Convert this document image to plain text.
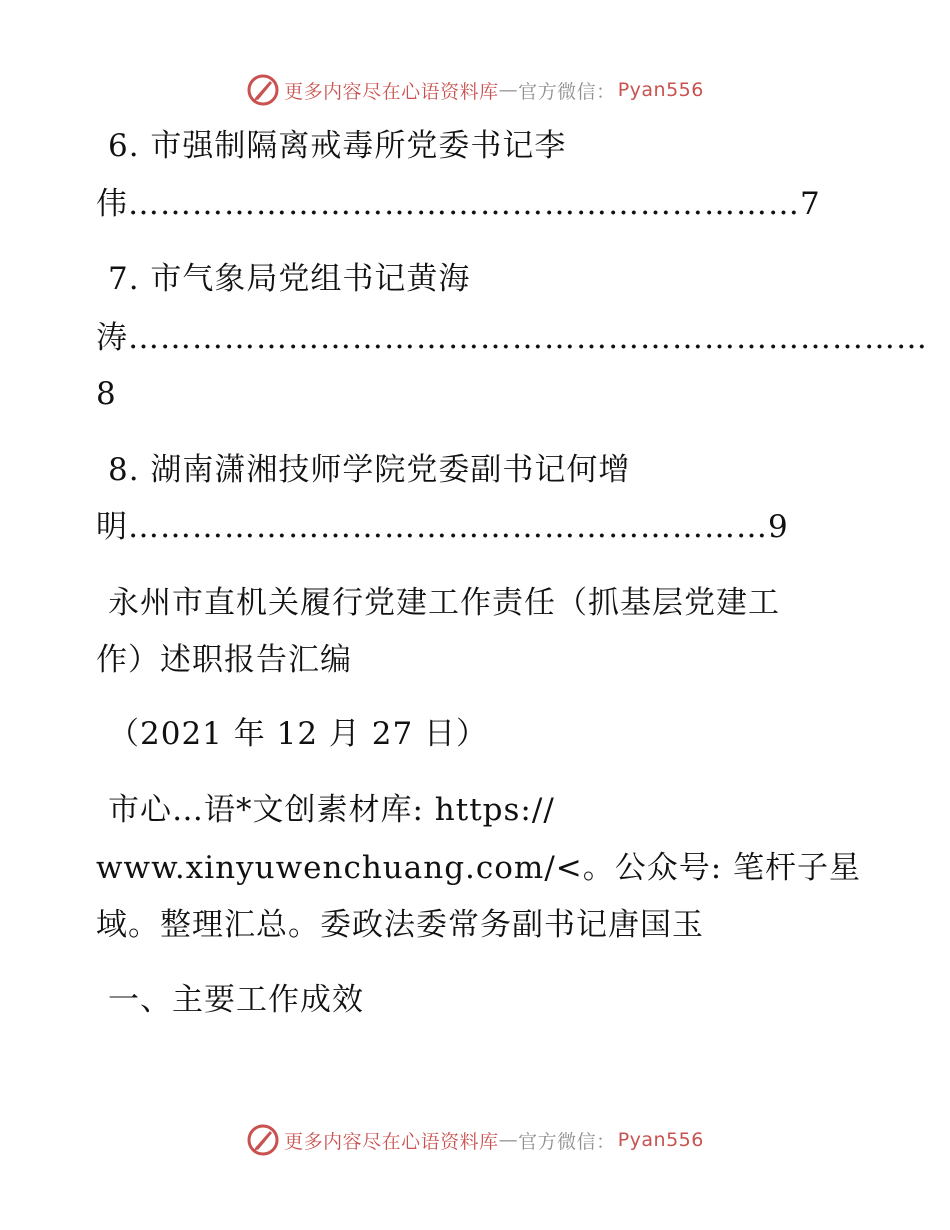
更多内容尽在心语资料库 — 官方微信： Pyan556
6. 市强制隔离戒毒所党委书记李
伟………………………………………………………7
7. 市气象局党组书记黄海
涛…………………………………………………………………
8
8. 湖南潇湘技师学院党委副书记何增
明……………………………………………………9
永州市直机关履行党建工作责任（抓基层党建工
作）述职报告汇编
（2021 年 12 月 27 日）
市心…语*文创素材库: https://
www.xinyuwenchuang.com/<。公众号: 笔杆子星
域。整理汇总。委政法委常务副书记唐国玉
一、主要工作成效
更多内容尽在心语资料库 — 官方微信： Pyan556
